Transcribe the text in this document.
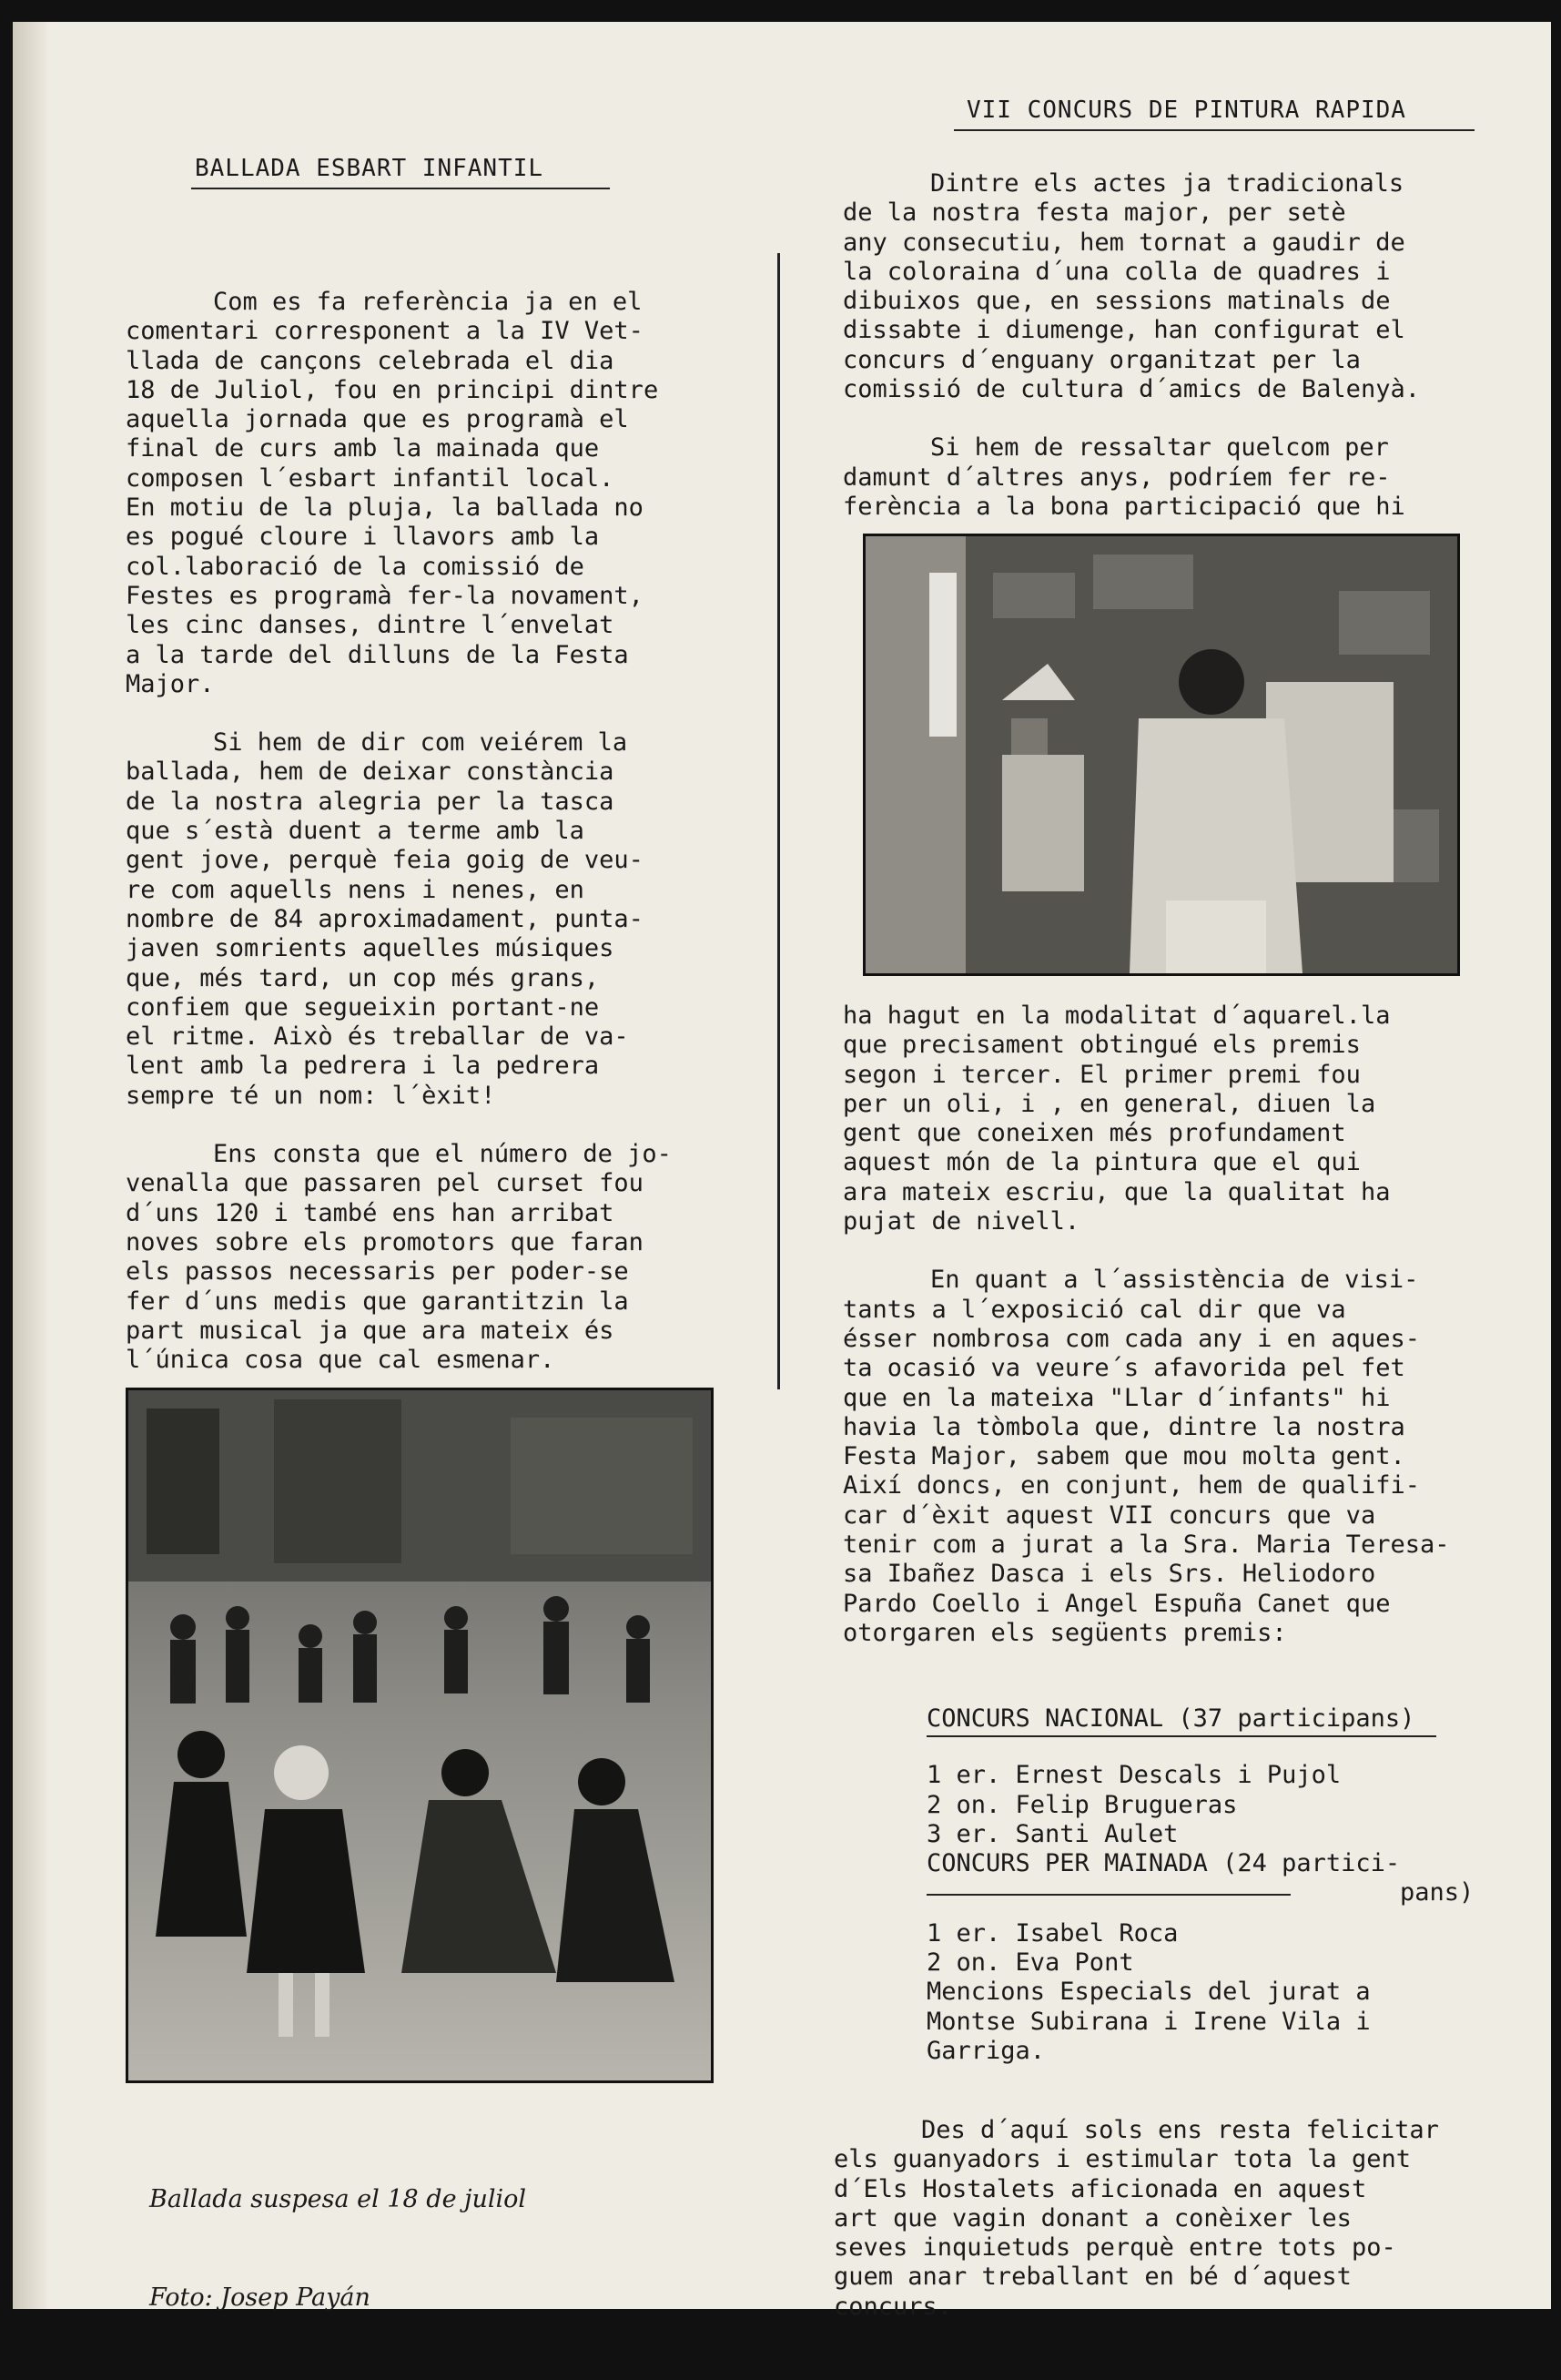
BALLADA ESBART INFANTIL

Com es fa referència ja en el

comentari corresponent a la IV Vet-

llada de cançons celebrada el dia

18 de Juliol, fou en principi dintre

aquella jornada que es programà el

final de curs amb la mainada que

composen l´esbart infantil local.

En motiu de la pluja, la ballada no

es pogué cloure i llavors amb la

col.laboració de la comissió de

Festes es programà fer-la novament,

les cinc danses, dintre l´envelat

a la tarde del dilluns de la Festa

Major.

Si hem de dir com veiérem la

ballada, hem de deixar constància

de la nostra alegria per la tasca

que s´està duent a terme amb la

gent jove, perquè feia goig de veu-

re com aquells nens i nenes, en

nombre de 84 aproximadament, punta-

javen somrients aquelles músiques

que, més tard, un cop més grans,

confiem que segueixin portant-ne

el ritme. Això és treballar de va-

lent amb la pedrera i la pedrera

sempre té un nom: l´èxit!

Ens consta que el número de jo-

venalla que passaren pel curset fou

d´uns 120 i també ens han arribat

noves sobre els promotors que faran

els passos necessaris per poder-se

fer d´uns medis que garantitzin la

part musical ja que ara mateix és

l´única cosa que cal esmenar.

Ballada suspesa el 18 de juliol

Foto: Josep Payán

VII CONCURS DE PINTURA RAPIDA

Dintre els actes ja tradicionals

de la nostra festa major, per setè

any consecutiu, hem tornat a gaudir de

la coloraina d´una colla de quadres i

dibuixos que, en sessions matinals de

dissabte i diumenge, han configurat el

concurs d´enguany organitzat per la

comissió de cultura d´amics de Balenyà.

Si hem de ressaltar quelcom per

damunt d´altres anys, podríem fer re-

ferència a la bona participació que hi

ha hagut en la modalitat d´aquarel.la

que precisament obtingué els premis

segon i tercer. El primer premi fou

per un oli, i , en general, diuen la

gent que coneixen més profundament

aquest món de la pintura que el qui

ara mateix escriu, que la qualitat ha

pujat de nivell.

En quant a l´assistència de visi-

tants a l´exposició cal dir que va

ésser nombrosa com cada any i en aques-

ta ocasió va veure´s afavorida pel fet

que en la mateixa "Llar d´infants" hi

havia la tòmbola que, dintre la nostra

Festa Major, sabem que mou molta gent.

Així doncs, en conjunt, hem de qualifi-

car d´èxit aquest VII concurs que va

tenir com a jurat a la Sra. Maria Teresa-

sa Ibañez Dasca i els Srs. Heliodoro

Pardo Coello i Angel Espuña Canet que

otorgaren els següents premis:

CONCURS NACIONAL (37 participans)

1 er. Ernest Descals i Pujol

2 on. Felip Brugueras

3 er. Santi Aulet

CONCURS PER MAINADA (24 partici-
pans)

1 er. Isabel Roca

2 on. Eva Pont

Mencions Especials del jurat a

Montse Subirana i Irene Vila i

Garriga.

Des d´aquí sols ens resta felicitar

els guanyadors i estimular tota la gent

d´Els Hostalets aficionada en aquest

art que vagin donant a conèixer les

seves inquietuds perquè entre tots po-

guem anar treballant en bé d´aquest

concurs.
